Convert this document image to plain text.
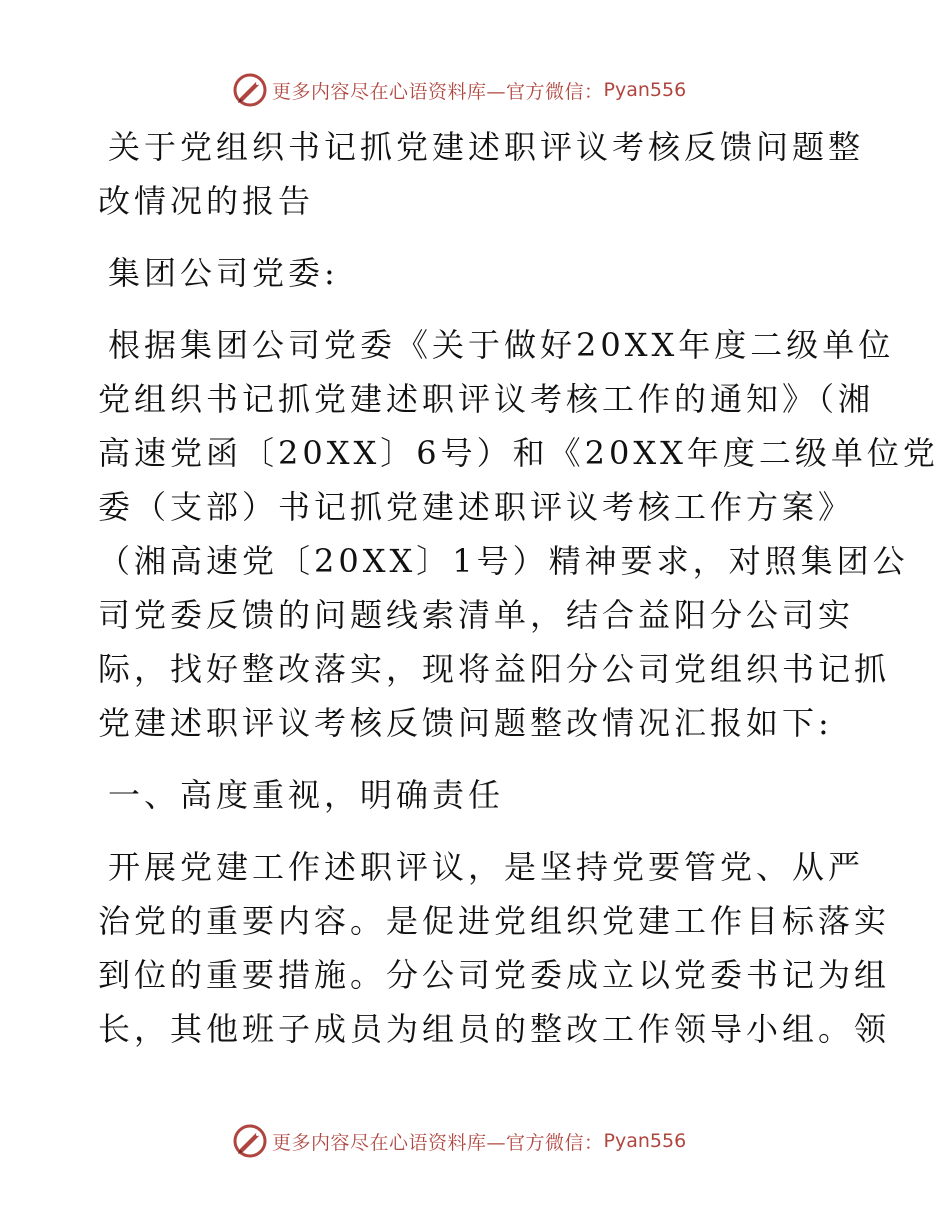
更多内容尽在心语资料库—官方微信： Pyan556

关于党组织书记抓党建述职评议考核反馈问题整

改情况的报告

集团公司党委:

根据集团公司党委《关于做好20XX年度二级单位

党组织书记抓党建述职评议考核工作的通知》（湘

高速党函〔20XX〕6号）和《20XX年度二级单位党

委（支部）书记抓党建述职评议考核工作方案》

（湘高速党〔20XX〕1号）精神要求，对照集团公

司党委反馈的问题线索清单，结合益阳分公司实

际，找好整改落实，现将益阳分公司党组织书记抓

党建述职评议考核反馈问题整改情况汇报如下:

一、高度重视，明确责任

开展党建工作述职评议，是坚持党要管党、从严

治党的重要内容。是促进党组织党建工作目标落实

到位的重要措施。分公司党委成立以党委书记为组

长，其他班子成员为组员的整改工作领导小组。领

更多内容尽在心语资料库—官方微信： Pyan556
